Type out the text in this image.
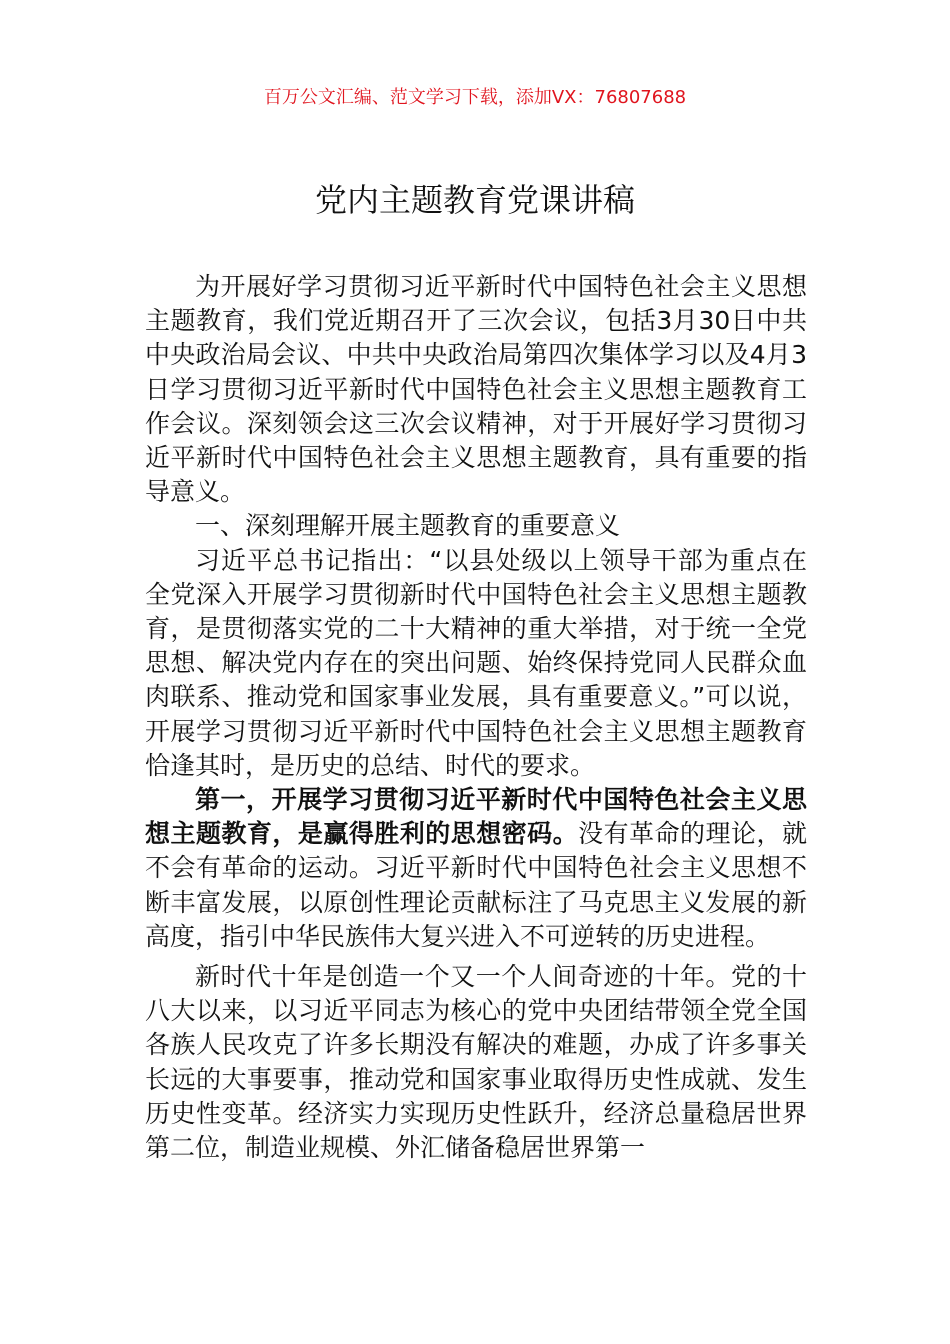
百万公文汇编、范文学习下载，添加VX：76807688
党内主题教育党课讲稿

为开展好学习贯彻习近平新时代中国特色社会主义思想主题教育，我们党近期召开了三次会议，包括3月30日中共中央政治局会议、中共中央政治局第四次集体学习以及4月3日学习贯彻习近平新时代中国特色社会主义思想主题教育工作会议。深刻领会这三次会议精神，对于开展好学习贯彻习近平新时代中国特色社会主义思想主题教育，具有重要的指导意义。

一、深刻理解开展主题教育的重要意义

习近平总书记指出：“以县处级以上领导干部为重点在全党深入开展学习贯彻新时代中国特色社会主义思想主题教育，是贯彻落实党的二十大精神的重大举措，对于统一全党思想、解决党内存在的突出问题、始终保持党同人民群众血肉联系、推动党和国家事业发展，具有重要意义。”可以说，开展学习贯彻习近平新时代中国特色社会主义思想主题教育恰逢其时，是历史的总结、时代的要求。

第一，开展学习贯彻习近平新时代中国特色社会主义思想主题教育，是赢得胜利的思想密码。没有革命的理论，就不会有革命的运动。习近平新时代中国特色社会主义思想不断丰富发展，以原创性理论贡献标注了马克思主义发展的新高度，指引中华民族伟大复兴进入不可逆转的历史进程。

新时代十年是创造一个又一个人间奇迹的十年。党的十八大以来，以习近平同志为核心的党中央团结带领全党全国各族人民攻克了许多长期没有解决的难题，办成了许多事关长远的大事要事，推动党和国家事业取得历史性成就、发生历史性变革。经济实力实现历史性跃升，经济总量稳居世界第二位，制造业规模、外汇储备稳居世界第一
